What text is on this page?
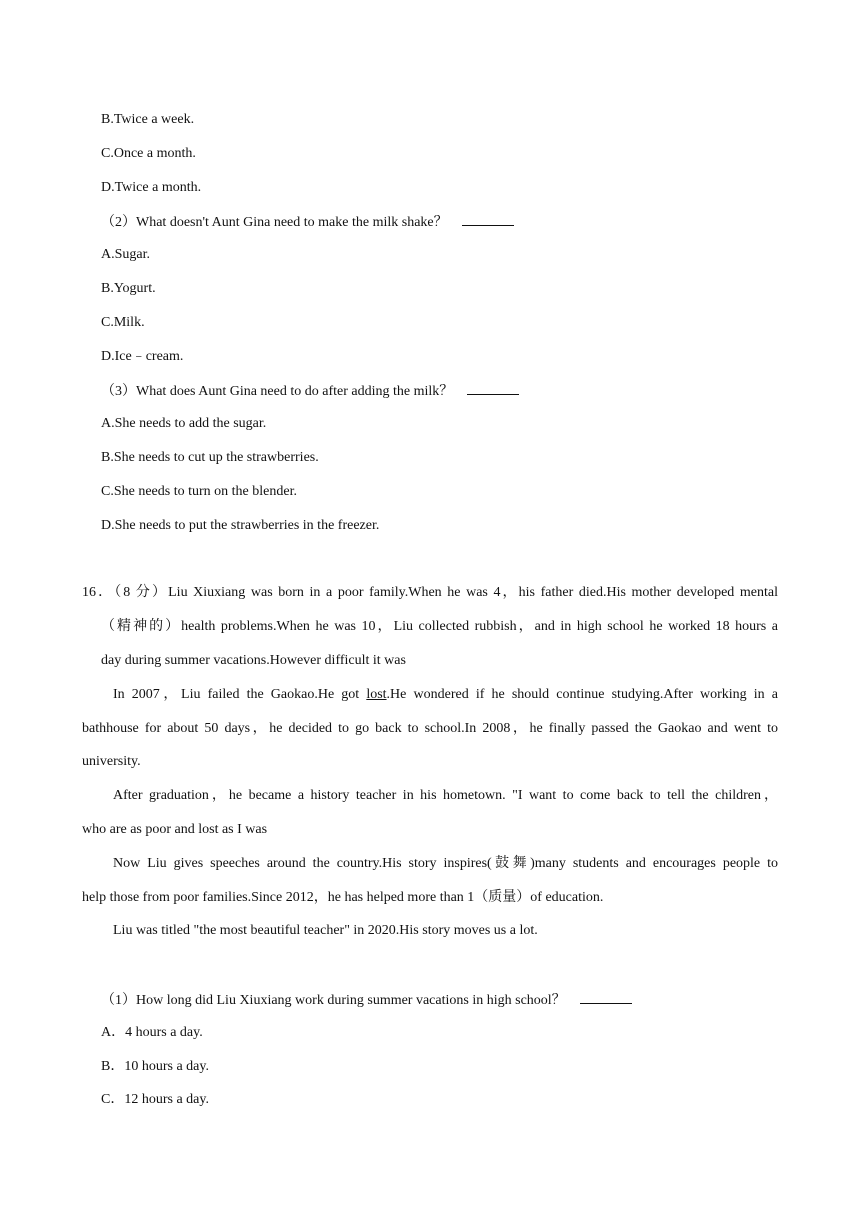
B.Twice a week.
C.Once a month.
D.Twice a month.
（2）What doesn't Aunt Gina need to make the milk shake？
A.Sugar.
B.Yogurt.
C.Milk.
D.Ice﹣cream.
（3）What does Aunt Gina need to do after adding the milk？
A.She needs to add the sugar.
B.She needs to cut up the strawberries.
C.She needs to turn on the blender.
D.She needs to put the strawberries in the freezer.
16．（8 分）Liu Xiuxiang was born in a poor family.When he was 4，his father died.His mother developed mental
（精神的）health problems.When he was 10，Liu collected rubbish，and in high school he worked 18 hours a
day during summer vacations.However difficult it was
In 2007，Liu failed the Gaokao.He got lost.He wondered if he should continue studying.After working in a
bathhouse for about 50 days，he decided to go back to school.In 2008，he finally passed the Gaokao and went to
university.
After graduation，he became a history teacher in his hometown. "I want to come back to tell the children，
who are as poor and lost as I was
Now Liu gives speeches around the country.His story inspires(鼓舞)many students and encourages people to
help those from poor families.Since 2012，he has helped more than 1（质量）of education.
Liu was titled "the most beautiful teacher" in 2020.His story moves us a lot.
（1）How long did Liu Xiuxiang work during summer vacations in high school？
A．4 hours a day.
B．10 hours a day.
C．12 hours a day.
